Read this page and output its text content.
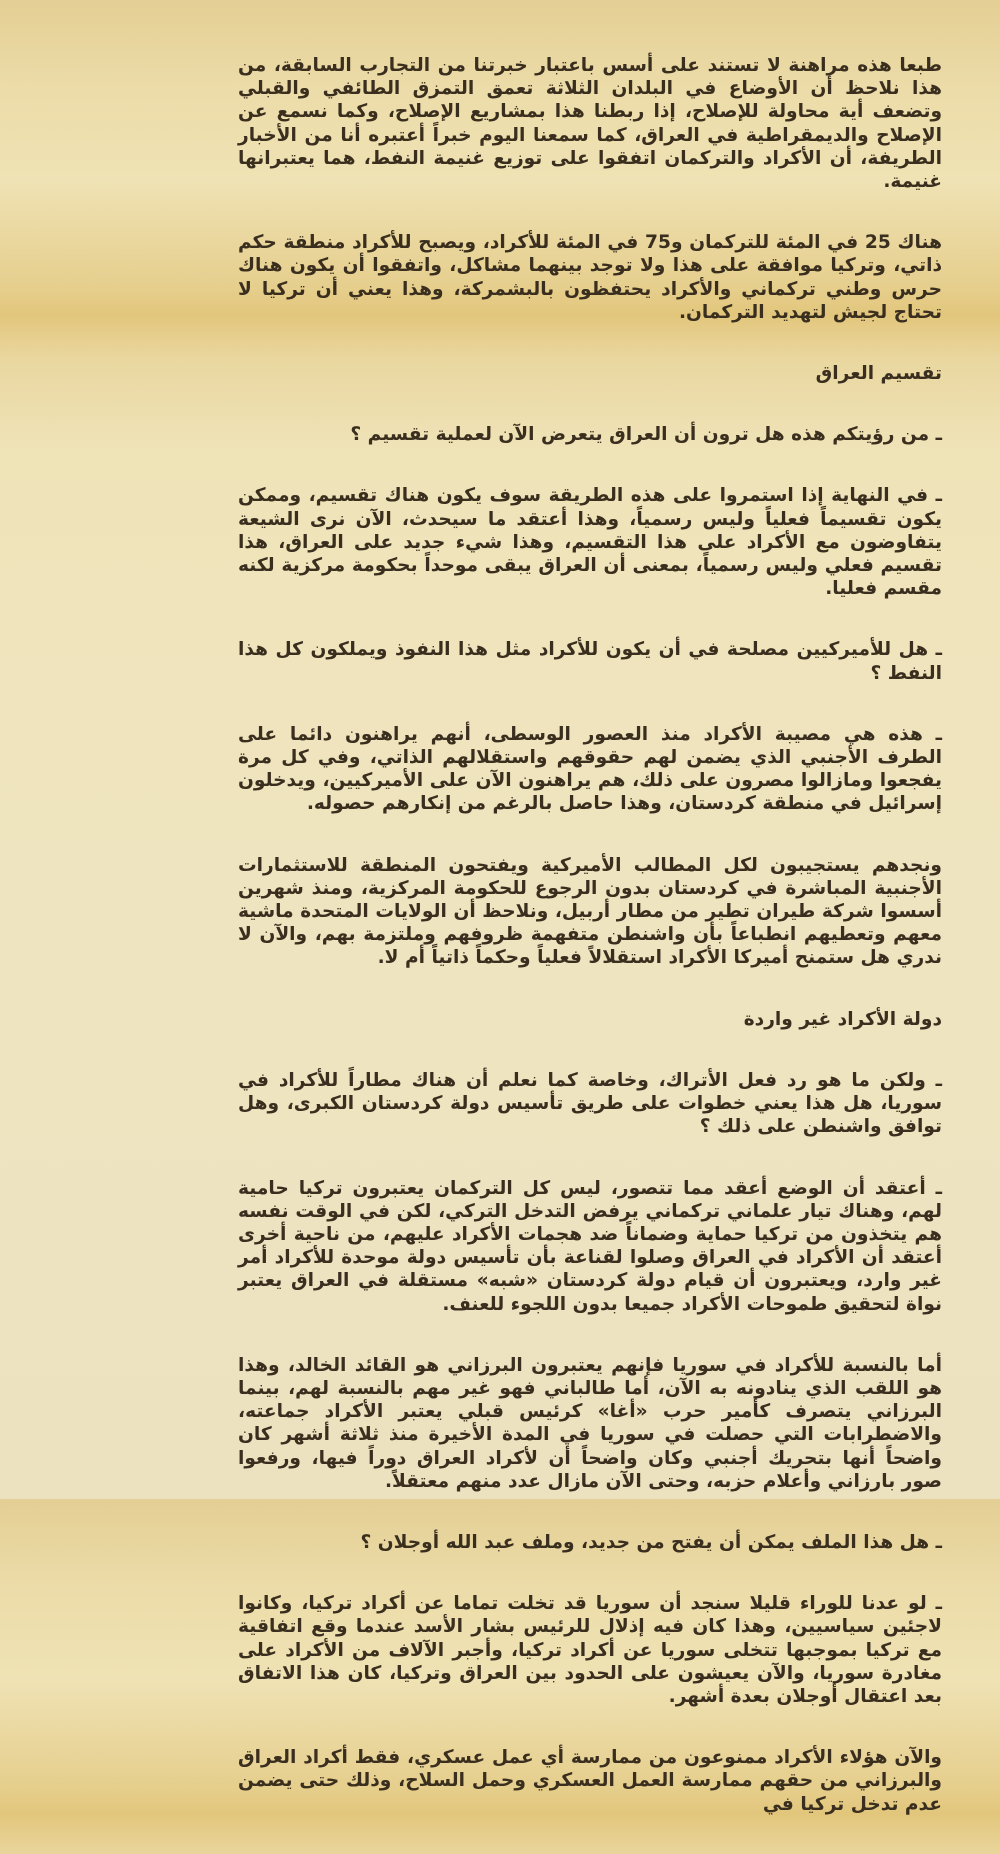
طبعا هذه مراهنة لا تستند على أسس باعتبار خبرتنا من التجارب السابقة، من هذا نلاحظ أن الأوضاع في البلدان الثلاثة تعمق التمزق الطائفي والقبلي وتضعف أية محاولة للإصلاح، إذا ربطنا هذا بمشاريع الإصلاح، وكما نسمع عن الإصلاح والديمقراطية في العراق، كما سمعنا اليوم خبراً أعتبره أنا من الأخبار الطريفة، أن الأكراد والتركمان اتفقوا على توزيع غنيمة النفط، هما يعتبرانها غنيمة.

هناك 25 في المئة للتركمان و75 في المئة للأكراد، ويصبح للأكراد منطقة حكم ذاتي، وتركيا موافقة على هذا ولا توجد بينهما مشاكل، واتفقوا أن يكون هناك حرس وطني تركماني والأكراد يحتفظون بالبشمركة، وهذا يعني أن تركيا لا تحتاج لجيش لتهديد التركمان.

تقسيم العراق

ـ من رؤيتكم هذه هل ترون أن العراق يتعرض الآن لعملية تقسيم ؟

ـ في النهاية إذا استمروا على هذه الطريقة سوف يكون هناك تقسيم، وممكن يكون تقسيماً فعلياً وليس رسمياً، وهذا أعتقد ما سيحدث، الآن نرى الشيعة يتفاوضون مع الأكراد على هذا التقسيم، وهذا شيء جديد على العراق، هذا تقسيم فعلي وليس رسمياً، بمعنى أن العراق يبقى موحداً بحكومة مركزية لكنه مقسم فعليا.

ـ هل للأميركيين مصلحة في أن يكون للأكراد مثل هذا النفوذ ويملكون كل هذا النفط ؟

ـ هذه هي مصيبة الأكراد منذ العصور الوسطى، أنهم يراهنون دائما على الطرف الأجنبي الذي يضمن لهم حقوقهم واستقلالهم الذاتي، وفي كل مرة يفجعوا ومازالوا مصرون على ذلك، هم يراهنون الآن على الأميركيين، ويدخلون إسرائيل في منطقة كردستان، وهذا حاصل بالرغم من إنكارهم حصوله.

ونجدهم يستجيبون لكل المطالب الأميركية ويفتحون المنطقة للاستثمارات الأجنبية المباشرة في كردستان بدون الرجوع للحكومة المركزية، ومنذ شهرين أسسوا شركة طيران تطير من مطار أربيل، ونلاحظ أن الولايات المتحدة ماشية معهم وتعطيهم انطباعاً بأن واشنطن متفهمة ظروفهم وملتزمة بهم، والآن لا ندري هل ستمنح أميركا الأكراد استقلالاً فعلياً وحكماً ذاتياً أم لا.

دولة الأكراد غير واردة

ـ ولكن ما هو رد فعل الأتراك، وخاصة كما نعلم أن هناك مطاراً للأكراد في سوريا، هل هذا يعني خطوات على طريق تأسيس دولة كردستان الكبرى، وهل توافق واشنطن على ذلك ؟

ـ أعتقد أن الوضع أعقد مما تتصور، ليس كل التركمان يعتبرون تركيا حامية لهم، وهناك تيار علماني تركماني يرفض التدخل التركي، لكن في الوقت نفسه هم يتخذون من تركيا حماية وضماناً ضد هجمات الأكراد عليهم، من ناحية أخرى أعتقد أن الأكراد في العراق وصلوا لقناعة بأن تأسيس دولة موحدة للأكراد أمر غير وارد، ويعتبرون أن قيام دولة كردستان «شبه» مستقلة في العراق يعتبر نواة لتحقيق طموحات الأكراد جميعا بدون اللجوء للعنف.

أما بالنسبة للأكراد في سوريا فإنهم يعتبرون البرزاني هو القائد الخالد، وهذا هو اللقب الذي ينادونه به الآن، أما طالباني فهو غير مهم بالنسبة لهم، بينما البرزاني يتصرف كأمير حرب «أغا» كرئيس قبلي يعتبر الأكراد جماعته، والاضطرابات التي حصلت في سوريا في المدة الأخيرة منذ ثلاثة أشهر كان واضحاً أنها بتحريك أجنبي وكان واضحاً أن لأكراد العراق دوراً فيها، ورفعوا صور بارزاني وأعلام حزبه، وحتى الآن مازال عدد منهم معتقلاً.

ـ هل هذا الملف يمكن أن يفتح من جديد، وملف عبد الله أوجلان ؟

ـ لو عدنا للوراء قليلا سنجد أن سوريا قد تخلت تماما عن أكراد تركيا، وكانوا لاجئين سياسيين، وهذا كان فيه إذلال للرئيس بشار الأسد عندما وقع اتفاقية مع تركيا بموجبها تتخلى سوريا عن أكراد تركيا، وأجبر الآلاف من الأكراد على مغادرة سوريا، والآن يعيشون على الحدود بين العراق وتركيا، كان هذا الاتفاق بعد اعتقال أوجلان بعدة أشهر.

والآن هؤلاء الأكراد ممنوعون من ممارسة أي عمل عسكري، فقط أكراد العراق والبرزاني من حقهم ممارسة العمل العسكري وحمل السلاح، وذلك حتى يضمن عدم تدخل تركيا في
